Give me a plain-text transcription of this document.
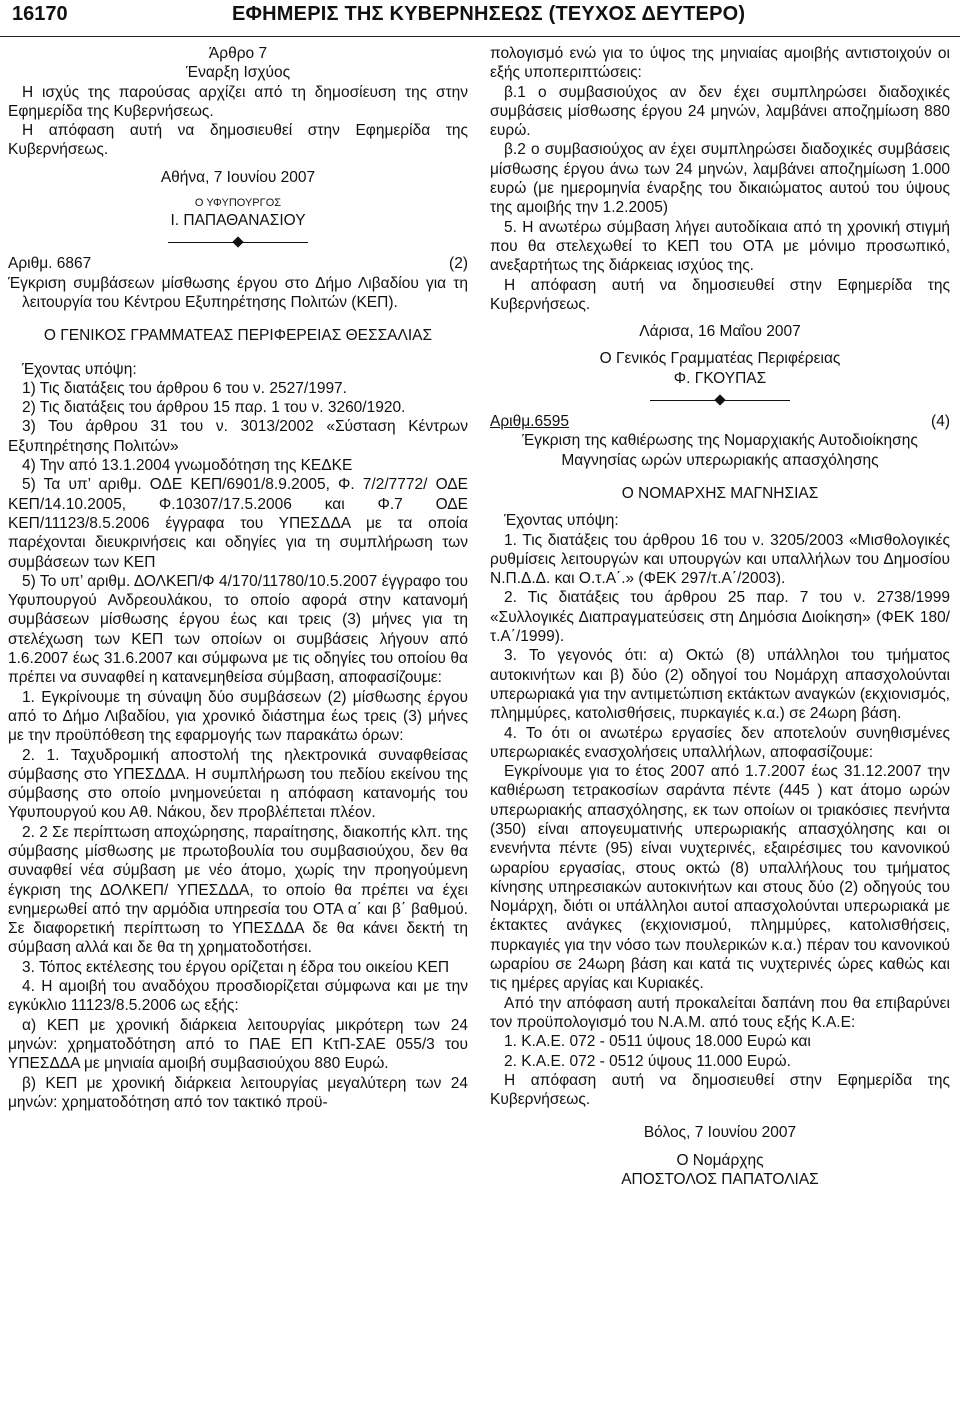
16170	ΕΦΗΜΕΡΙΣ ΤΗΣ ΚΥΒΕΡΝΗΣΕΩΣ (ΤΕΥΧΟΣ ΔΕΥΤΕΡΟ)

Άρθρο 7

Έναρξη Ισχύος

Η ισχύς της παρούσας αρχίζει από τη δημοσίευση της στην Εφημερίδα της Κυβερνήσεως.

Η απόφαση αυτή να δημοσιευθεί στην Εφημερίδα της Κυβερνήσεως.

Αθήνα, 7 Ιουνίου 2007

Ο ΥΦΥΠΟΥΡΓΟΣ

Ι. ΠΑΠΑΘΑΝΑΣΙΟΥ

Αριθμ. 6867	(2)

Έγκριση συμβάσεων μίσθωσης έργου στο Δήμο Λιβαδίου για τη λειτουργία του Κέντρου Εξυπηρέτησης Πολιτών (ΚΕΠ).

Ο ΓΕΝΙΚΟΣ ΓΡΑΜΜΑΤΕΑΣ ΠΕΡΙΦΕΡΕΙΑΣ ΘΕΣΣΑΛΙΑΣ

Έχοντας υπόψη:

1) Τις διατάξεις του άρθρου 6 του ν. 2527/1997.

2) Τις διατάξεις του άρθρου 15 παρ. 1 του ν. 3260/1920.

3) Του άρθρου 31 του ν. 3013/2002 «Σύσταση Κέντρων Εξυπηρέτησης Πολιτών»

4) Την από 13.1.2004 γνωμοδότηση της ΚΕΔΚΕ

5) Τα υπ’ αριθμ. ΟΔΕ ΚΕΠ/6901/8.9.2005, Φ. 7/2/7772/ ΟΔΕ ΚΕΠ/14.10.2005, Φ.10307/17.5.2006 και Φ.7 ΟΔΕ ΚΕΠ/11123/8.5.2006 έγγραφα του ΥΠΕΣΔΔΑ με τα οποία παρέχονται διευκρινήσεις και οδηγίες για τη συμπλήρωση των συμβάσεων των ΚΕΠ

5) Το υπ’ αριθμ. ΔΟΛΚΕΠ/Φ 4/170/11780/10.5.2007 έγγραφο του Υφυπουργού Ανδρεουλάκου, το οποίο αφορά στην κατανομή συμβάσεων μίσθωσης έργου έως και τρεις (3) μήνες για τη στελέχωση των ΚΕΠ των οποίων οι συμβάσεις λήγουν από 1.6.2007 έως 31.6.2007 και σύμφωνα με τις οδηγίες του οποίου θα πρέπει να συναφθεί η κατανεμηθείσα σύμβαση, αποφασίζουμε:

1. Εγκρίνουμε τη σύναψη δύο συμβάσεων (2) μίσθωσης έργου από το Δήμο Λιβαδίου, για χρονικό διάστημα έως τρεις (3) μήνες με την προϋπόθεση της εφαρμογής των παρακάτω όρων:

2. 1. Ταχυδρομική αποστολή της ηλεκτρονικά συναφθείσας σύμβασης στο ΥΠΕΣΔΔΑ. Η συμπλήρωση του πεδίου εκείνου της σύμβασης στο οποίο μνημονεύεται η απόφαση κατανομής του Υφυπουργού κου Αθ. Νάκου, δεν προβλέπεται πλέον.

2. 2 Σε περίπτωση αποχώρησης, παραίτησης, διακοπής κλπ. της σύμβασης μίσθωσης με πρωτοβουλία του συμβασιούχου, δεν θα συναφθεί νέα σύμβαση με νέο άτομο, χωρίς την προηγούμενη έγκριση της ΔΟΛΚΕΠ/ ΥΠΕΣΔΔΑ, το οποίο θα πρέπει να έχει ενημερωθεί από την αρμόδια υπηρεσία του ΟΤΑ α΄ και β΄ βαθμού. Σε διαφορετική περίπτωση το ΥΠΕΣΔΔΑ δε θα κάνει δεκτή τη σύμβαση αλλά και δε θα τη χρηματοδοτήσει.

3. Τόπος εκτέλεσης του έργου ορίζεται η έδρα του οικείου ΚΕΠ

4. Η αμοιβή του αναδόχου προσδιορίζεται σύμφωνα και με την εγκύκλιο 11123/8.5.2006 ως εξής:

α) ΚΕΠ με χρονική διάρκεια λειτουργίας μικρότερη των 24 μηνών: χρηματοδότηση από το ΠΑΕ ΕΠ ΚτΠ-ΣΑΕ 055/3 του ΥΠΕΣΔΔΑ με μηνιαία αμοιβή συμβασιούχου 880 Ευρώ.

β) ΚΕΠ με χρονική διάρκεια λειτουργίας μεγαλύτερη των 24 μηνών: χρηματοδότηση από τον τακτικό προϋ-

πολογισμό ενώ για το ύψος της μηνιαίας αμοιβής αντιστοιχούν οι εξής υποπεριπτώσεις:

β.1 ο συμβασιούχος αν δεν έχει συμπληρώσει διαδοχικές συμβάσεις μίσθωσης έργου 24 μηνών, λαμβάνει αποζημίωση 880 ευρώ.

β.2 ο συμβασιούχος αν έχει συμπληρώσει διαδοχικές συμβάσεις μίσθωσης έργου άνω των 24 μηνών, λαμβάνει αποζημίωση 1.000 ευρώ (με ημερομηνία έναρξης του δικαιώματος αυτού του ύψους της αμοιβής την 1.2.2005)

5. Η ανωτέρω σύμβαση λήγει αυτοδίκαια από τη χρονική στιγμή που θα στελεχωθεί το ΚΕΠ του ΟΤΑ με μόνιμο προσωπικό, ανεξαρτήτως της διάρκειας ισχύος της.

Η απόφαση αυτή να δημοσιευθεί στην Εφημερίδα της Κυβερνήσεως.

Λάρισα, 16 Μαΐου 2007

Ο Γενικός Γραμματέας Περιφέρειας

Φ. ΓΚΟΥΠΑΣ

Αριθμ.6595	(4)

Έγκριση της καθιέρωσης της Νομαρχιακής Αυτοδιοίκησης Μαγνησίας ωρών υπερωριακής απασχόλησης

Ο ΝΟΜΑΡΧΗΣ ΜΑΓΝΗΣΙΑΣ

Έχοντας υπόψη:

1. Τις διατάξεις του άρθρου 16 του ν. 3205/2003 «Μισθολογικές ρυθμίσεις λειτουργών και υπουργών και υπαλλήλων του Δημοσίου Ν.Π.Δ.Δ. και Ο.τ.Α΄.» (ΦΕΚ 297/τ.Α΄/2003).

2. Τις διατάξεις του άρθρου 25 παρ. 7 του ν. 2738/1999 «Συλλογικές Διαπραγματεύσεις στη Δημόσια Διοίκηση» (ΦΕΚ 180/τ.Α΄/1999).

3. Το γεγονός ότι: α) Οκτώ (8) υπάλληλοι του τμήματος αυτοκινήτων και β) δύο (2) οδηγοί του Νομάρχη απασχολούνται υπερωριακά για την αντιμετώπιση εκτάκτων αναγκών (εκχιονισμός, πλημμύρες, κατολισθήσεις, πυρκαγιές κ.α.) σε 24ωρη βάση.

4. Το ότι οι ανωτέρω εργασίες δεν αποτελούν συνηθισμένες υπερωριακές ενασχολήσεις υπαλλήλων, αποφασίζουμε:

Εγκρίνουμε για το έτος 2007 από 1.7.2007 έως 31.12.2007 την καθιέρωση τετρακοσίων σαράντα πέντε (445 ) κατ άτομο ωρών υπερωριακής απασχόλησης, εκ των οποίων οι τριακόσιες πενήντα (350) είναι απογευματινής υπερωριακής απασχόλησης και οι ενενήντα πέντε (95) είναι νυχτερινές, εξαιρέσιμες του κανονικού ωραρίου εργασίας, στους οκτώ (8) υπαλλήλους του τμήματος κίνησης υπηρεσιακών αυτοκινήτων και στους δύο (2) οδηγούς του Νομάρχη, διότι οι υπάλληλοι αυτοί απασχολούνται υπερωριακά με έκτακτες ανάγκες (εκχιονισμού, πλημμύρες, κατολισθήσεις, πυρκαγιές για την νόσο των πουλερικών κ.α.) πέραν του κανονικού ωραρίου σε 24ωρη βάση και κατά τις νυχτερινές ώρες καθώς και τις ημέρες αργίας και Κυριακές.

Από την απόφαση αυτή προκαλείται δαπάνη που θα επιβαρύνει τον προϋπολογισμό του Ν.Α.Μ. από τους εξής Κ.Α.Ε:

1. Κ.Α.Ε. 072 - 0511 ύψους 18.000 Ευρώ και

2. Κ.Α.Ε. 072 - 0512 ύψους 11.000 Ευρώ.

Η απόφαση αυτή να δημοσιευθεί στην Εφημερίδα της Κυβερνήσεως.

Βόλος, 7 Ιουνίου 2007

Ο Νομάρχης

ΑΠΟΣΤΟΛΟΣ ΠΑΠΑΤΟΛΙΑΣ
